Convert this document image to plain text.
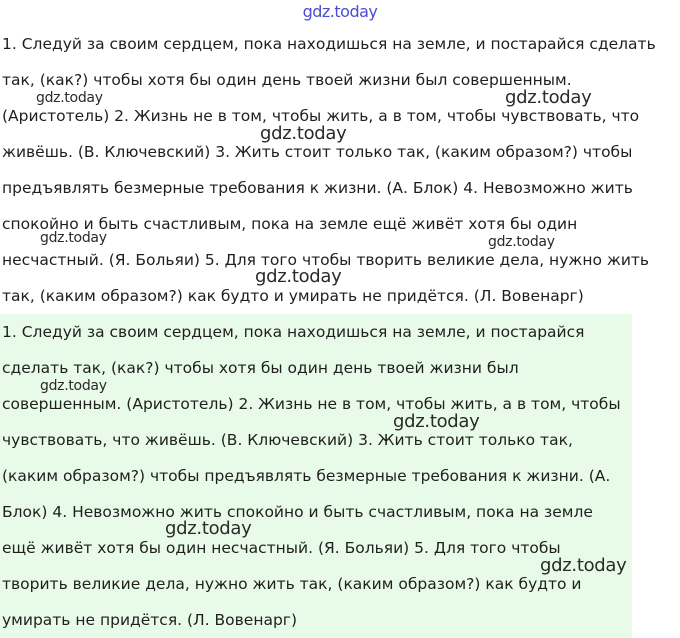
gdz.today
1. Следуй за своим сердцем, пока находишься на земле, и постарайся сделать
так, (как?) чтобы хотя бы один день твоей жизни был совершенным.
(Аристотель) 2. Жизнь не в том, чтобы жить, а в том, чтобы чувствовать, что
живёшь. (В. Ключевский) 3. Жить стоит только так, (каким образом?) чтобы
предъявлять безмерные требования к жизни. (А. Блок) 4. Невозможно жить
спокойно и быть счастливым, пока на земле ещё живёт хотя бы один
несчастный. (Я. Больяи) 5. Для того чтобы творить великие дела, нужно жить
так, (каким образом?) как будто и умирать не придётся. (Л. Вовенарг)
1. Следуй за своим сердцем, пока находишься на земле, и постарайся
сделать так, (как?) чтобы хотя бы один день твоей жизни был
совершенным. (Аристотель) 2. Жизнь не в том, чтобы жить, а в том, чтобы
чувствовать, что живёшь. (В. Ключевский) 3. Жить стоит только так,
(каким образом?) чтобы предъявлять безмерные требования к жизни. (А.
Блок) 4. Невозможно жить спокойно и быть счастливым, пока на земле
ещё живёт хотя бы один несчастный. (Я. Больяи) 5. Для того чтобы
творить великие дела, нужно жить так, (каким образом?) как будто и
умирать не придётся. (Л. Вовенарг)
gdz.today	gdz.today
gdz.today
gdz.today	gdz.today
gdz.today
gdz.today
gdz.today
gdz.today
gdz.today
